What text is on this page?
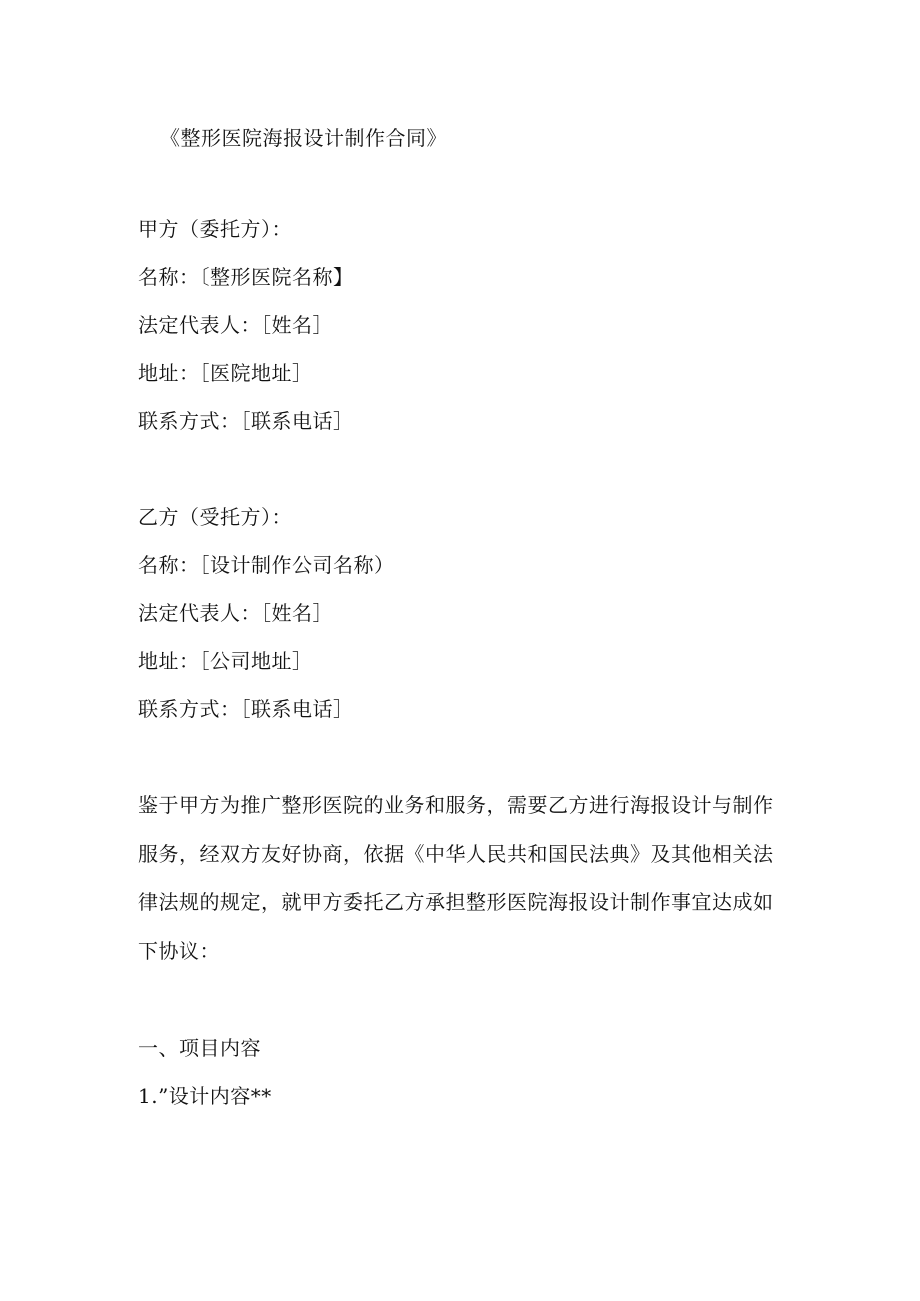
《整形医院海报设计制作合同》
甲方（委托方）：
名称：〔整形医院名称】
法定代表人：［姓名］
地址：［医院地址］
联系方式：［联系电话］
乙方（受托方）：
名称：［设计制作公司名称）
法定代表人：［姓名］
地址：［公司地址］
联系方式：［联系电话］
鉴于甲方为推广整形医院的业务和服务，需要乙方进行海报设计与制作
服务，经双方友好协商，依据《中华人民共和国民法典》及其他相关法
律法规的规定，就甲方委托乙方承担整形医院海报设计制作事宜达成如
下协议：
一、项目内容
1.”设计内容**
